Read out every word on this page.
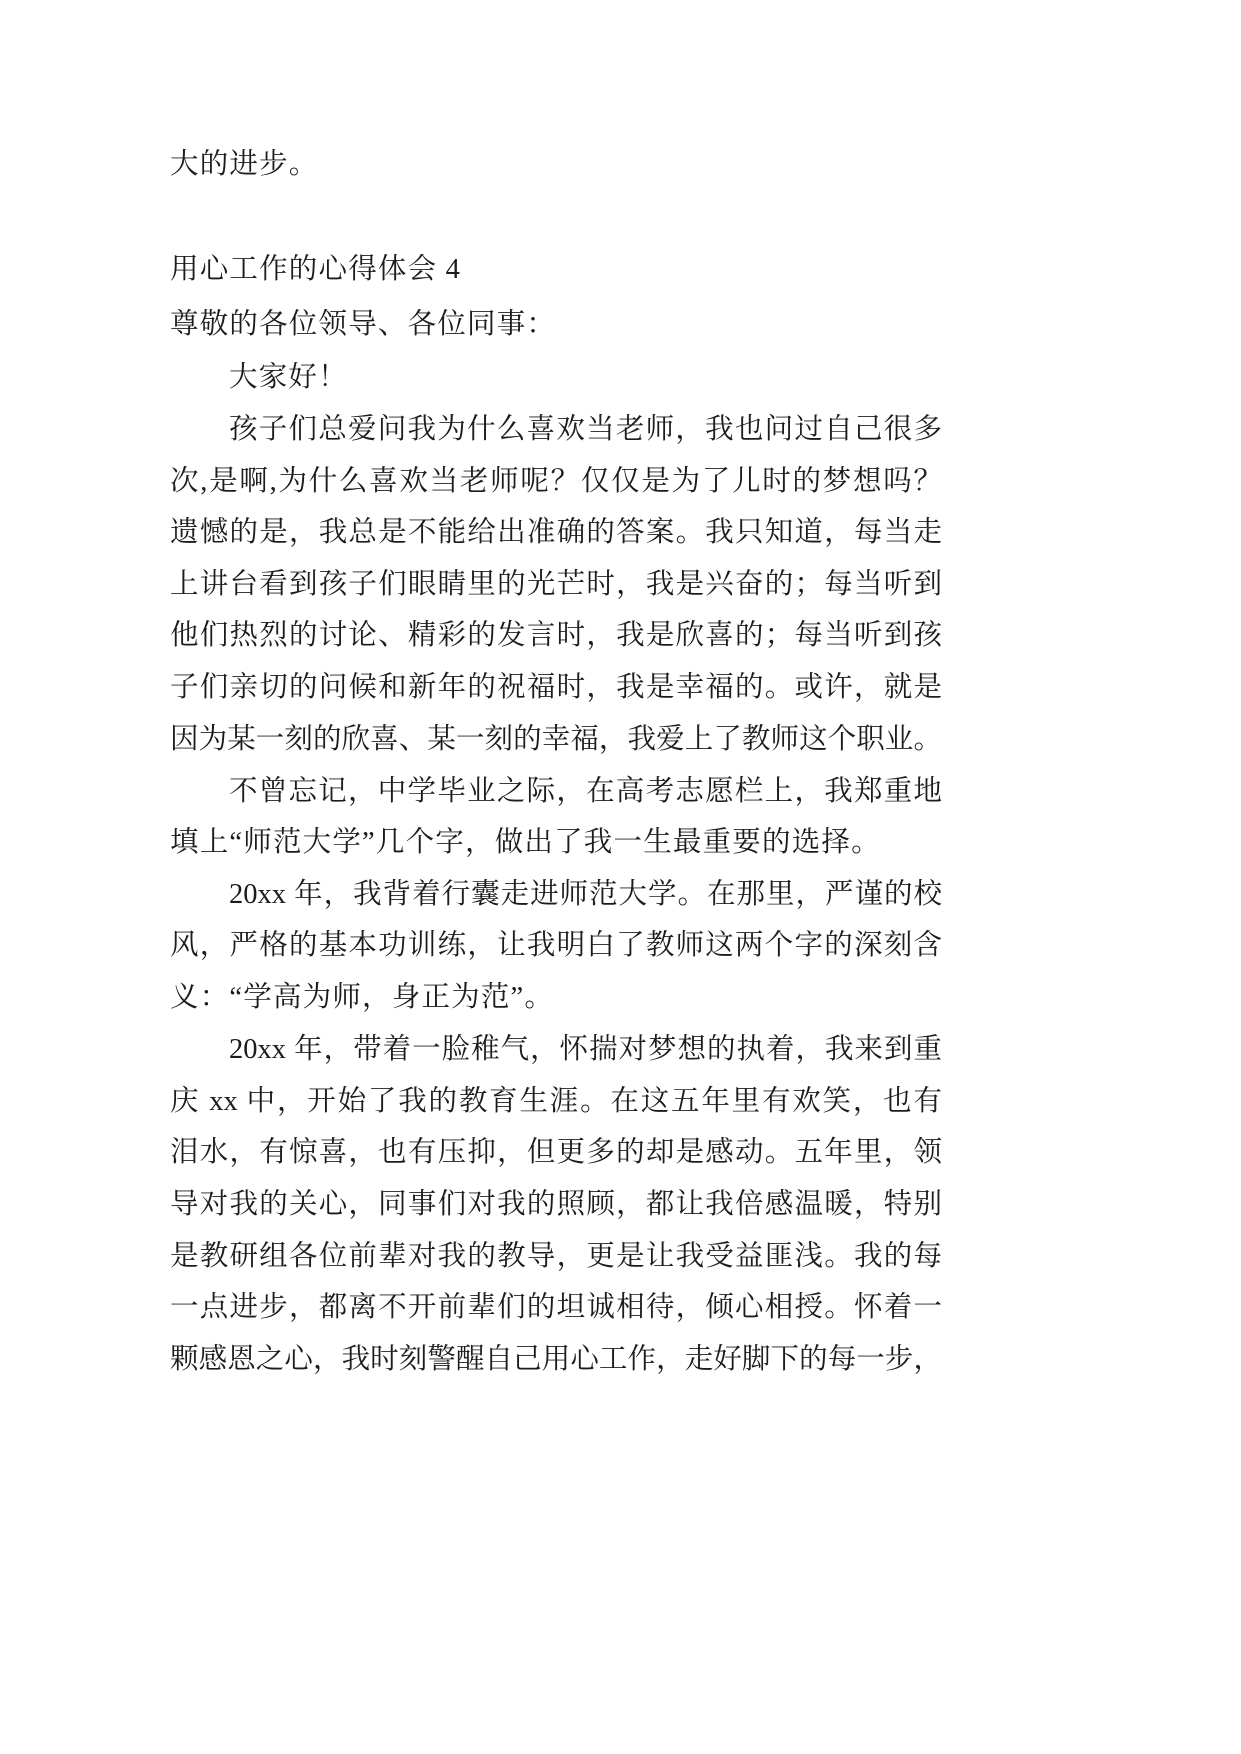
大的进步。
用心工作的心得体会 4
尊敬的各位领导、各位同事：
大家好！
孩子们总爱问我为什么喜欢当老师，我也问过自己很多
次,是啊,为什么喜欢当老师呢？仅仅是为了儿时的梦想吗？
遗憾的是，我总是不能给出准确的答案。我只知道，每当走
上讲台看到孩子们眼睛里的光芒时，我是兴奋的；每当听到
他们热烈的讨论、精彩的发言时，我是欣喜的；每当听到孩
子们亲切的问候和新年的祝福时，我是幸福的。或许，就是
因为某一刻的欣喜、某一刻的幸福，我爱上了教师这个职业。
不曾忘记，中学毕业之际，在高考志愿栏上，我郑重地
填上“师范大学”几个字，做出了我一生最重要的选择。
20xx 年，我背着行囊走进师范大学。在那里，严谨的校
风，严格的基本功训练，让我明白了教师这两个字的深刻含
义：“学高为师，身正为范”。
20xx 年，带着一脸稚气，怀揣对梦想的执着，我来到重
庆 xx 中，开始了我的教育生涯。在这五年里有欢笑，也有
泪水，有惊喜，也有压抑，但更多的却是感动。五年里，领
导对我的关心，同事们对我的照顾，都让我倍感温暖，特别
是教研组各位前辈对我的教导，更是让我受益匪浅。我的每
一点进步，都离不开前辈们的坦诚相待，倾心相授。怀着一
颗感恩之心，我时刻警醒自己用心工作，走好脚下的每一步，
